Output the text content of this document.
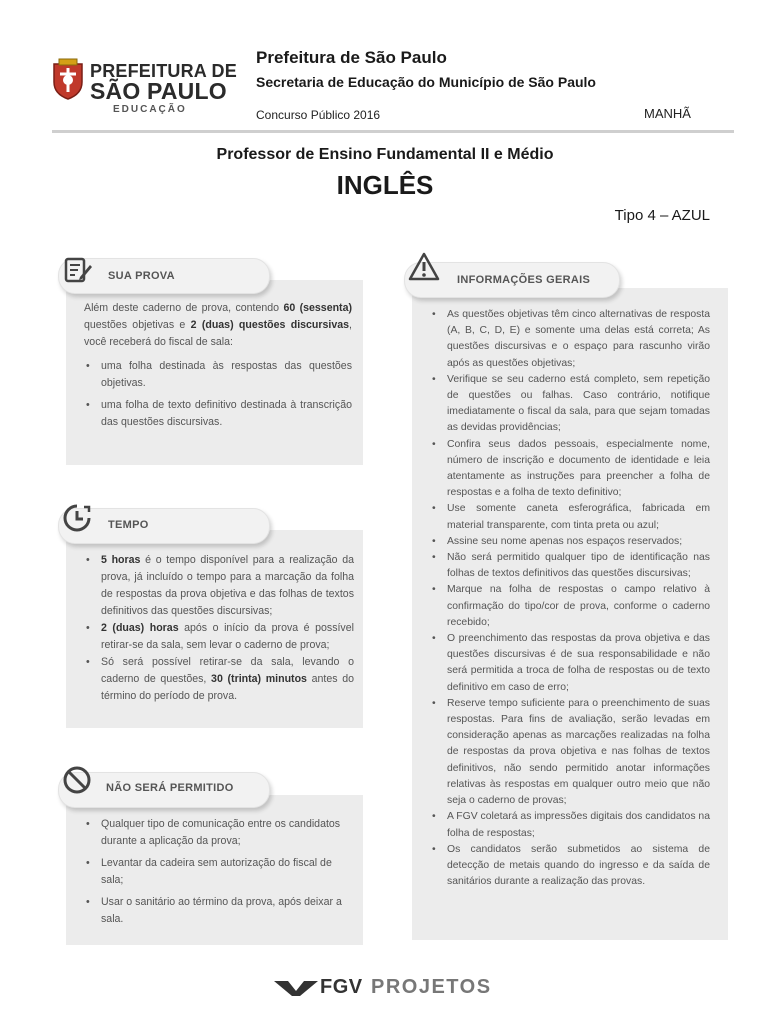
PREFEITURA DE
SÃO PAULO
EDUCAÇÃO
Prefeitura de São Paulo
Secretaria de Educação do Município de São Paulo
Concurso Público 2016	MANHÃ
Professor de Ensino Fundamental II e Médio
INGLÊS
Tipo 4 – AZUL
SUA PROVA
Além deste caderno de prova, contendo 60 (sessenta) questões objetivas e 2 (duas) questões discursivas, você receberá do fiscal de sala:
• uma folha destinada às respostas das questões objetivas.
• uma folha de texto definitivo destinada à transcrição das questões discursivas.
TEMPO
• 5 horas é o tempo disponível para a realização da prova, já incluído o tempo para a marcação da folha de respostas da prova objetiva e das folhas de textos definitivos das questões discursivas;
• 2 (duas) horas após o início da prova é possível retirar-se da sala, sem levar o caderno de prova;
• Só será possível retirar-se da sala, levando o caderno de questões, 30 (trinta) minutos antes do término do período de prova.
NÃO SERÁ PERMITIDO
• Qualquer tipo de comunicação entre os candidatos durante a aplicação da prova;
• Levantar da cadeira sem autorização do fiscal de sala;
• Usar o sanitário ao término da prova, após deixar a sala.
INFORMAÇÕES GERAIS
• As questões objetivas têm cinco alternativas de resposta (A, B, C, D, E) e somente uma delas está correta; As questões discursivas e o espaço para rascunho virão após as questões objetivas;
• Verifique se seu caderno está completo, sem repetição de questões ou falhas. Caso contrário, notifique imediatamente o fiscal da sala, para que sejam tomadas as devidas providências;
• Confira seus dados pessoais, especialmente nome, número de inscrição e documento de identidade e leia atentamente as instruções para preencher a folha de respostas e a folha de texto definitivo;
• Use somente caneta esferográfica, fabricada em material transparente, com tinta preta ou azul;
• Assine seu nome apenas nos espaços reservados;
• Não será permitido qualquer tipo de identificação nas folhas de textos definitivos das questões discursivas;
• Marque na folha de respostas o campo relativo à confirmação do tipo/cor de prova, conforme o caderno recebido;
• O preenchimento das respostas da prova objetiva e das questões discursivas é de sua responsabilidade e não será permitida a troca de folha de respostas ou de texto definitivo em caso de erro;
• Reserve tempo suficiente para o preenchimento de suas respostas. Para fins de avaliação, serão levadas em consideração apenas as marcações realizadas na folha de respostas da prova objetiva e nas folhas de textos definitivos, não sendo permitido anotar informações relativas às respostas em qualquer outro meio que não seja o caderno de provas;
• A FGV coletará as impressões digitais dos candidatos na folha de respostas;
• Os candidatos serão submetidos ao sistema de detecção de metais quando do ingresso e da saída de sanitários durante a realização das provas.
FGV PROJETOS
